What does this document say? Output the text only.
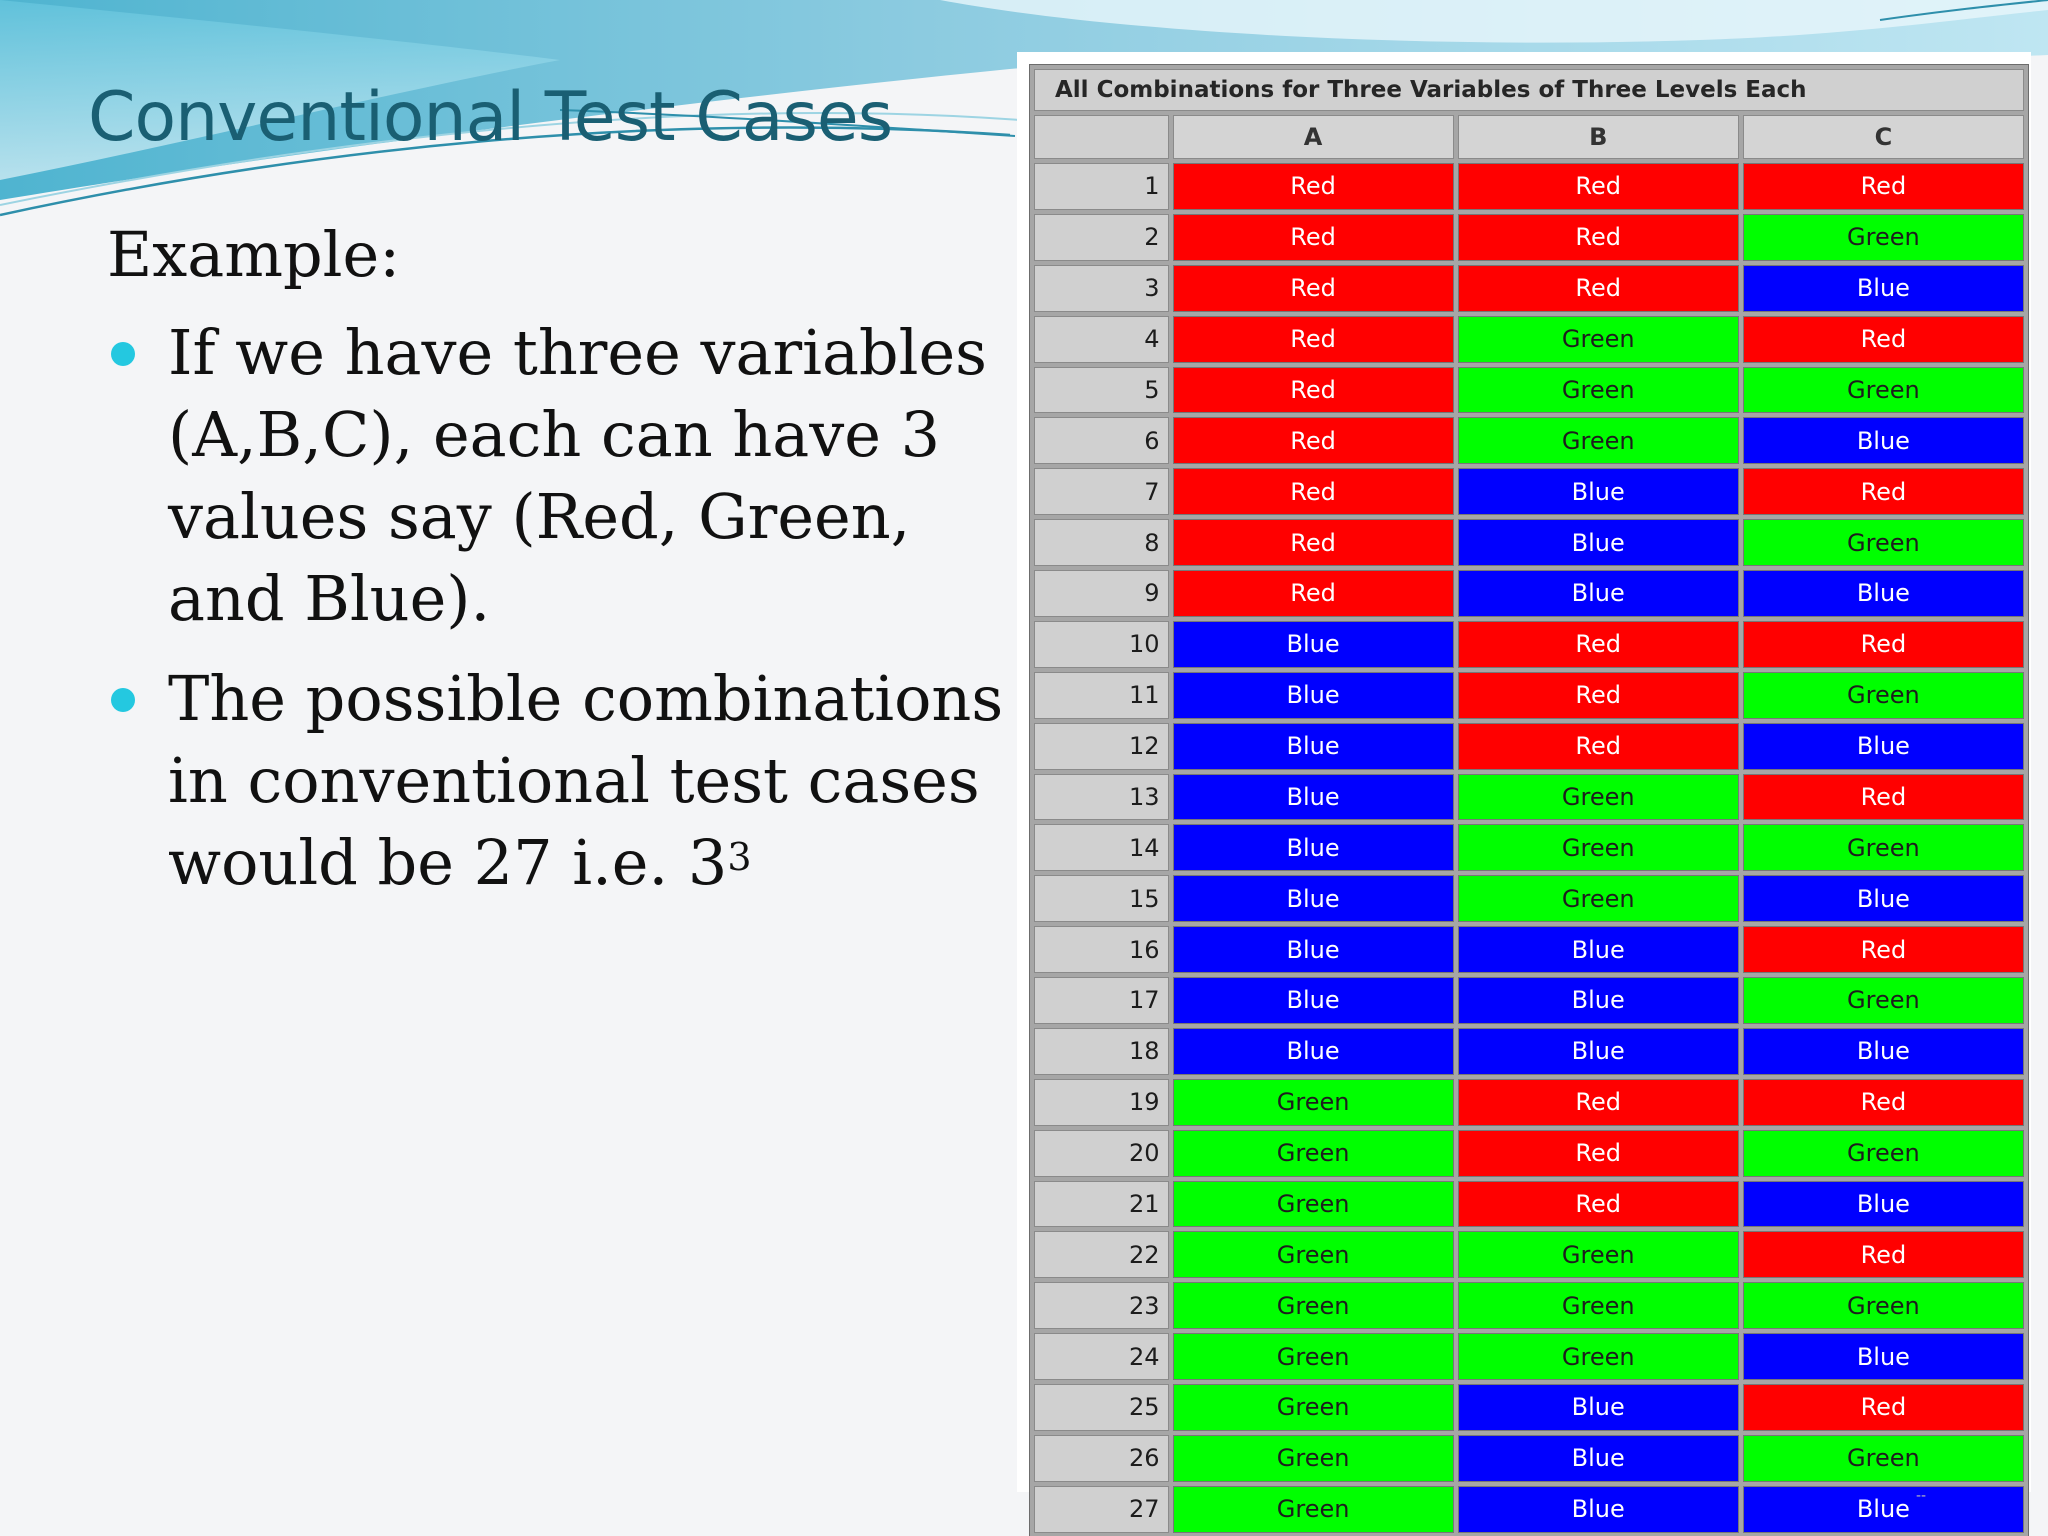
Conventional Test Cases
Example:
If we have three variables (A,B,C), each can have 3 values say (Red, Green, and Blue).
The possible combinations in conventional test cases would be 27 i.e. $3^3$
All Combinations for Three Variables of Three Levels Each			
	A	B	C
1	Red	Red	Red
2	Red	Red	Green
3	Red	Red	Blue
4	Red	Green	Red
5	Red	Green	Green
6	Red	Green	Blue
7	Red	Blue	Red
8	Red	Blue	Green
9	Red	Blue	Blue
10	Blue	Red	Red
11	Blue	Red	Green
12	Blue	Red	Blue
13	Blue	Green	Red
14	Blue	Green	Green
15	Blue	Green	Blue
16	Blue	Blue	Red
17	Blue	Blue	Green
18	Blue	Blue	Blue
19	Green	Red	Red
20	Green	Red	Green
21	Green	Red	Blue
22	Green	Green	Red
23	Green	Green	Green
24	Green	Green	Blue
25	Green	Blue	Red
26	Green	Blue	Green
27	Green	Blue	Blue --
